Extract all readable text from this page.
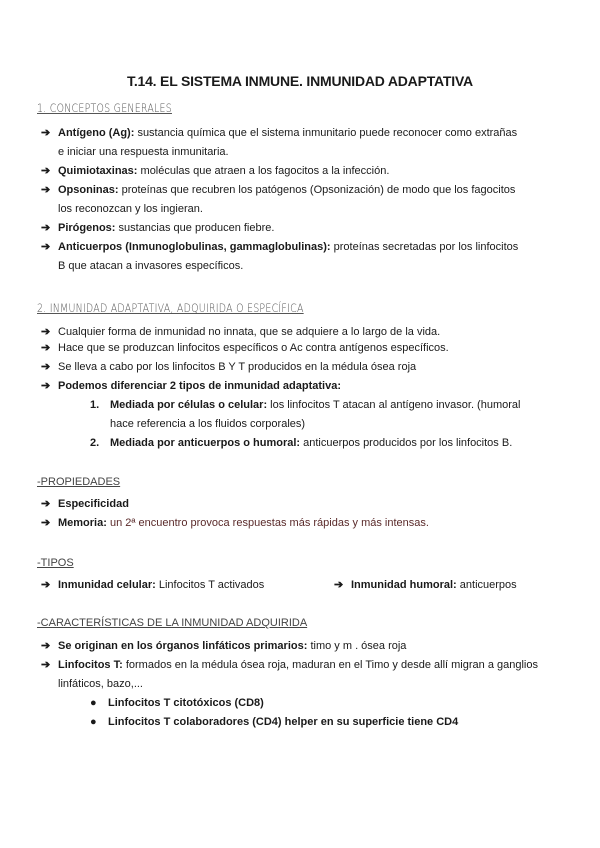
T.14. EL SISTEMA INMUNE. INMUNIDAD ADAPTATIVA
1. CONCEPTOS GENERALES
➔ Antígeno (Ag): sustancia química que el sistema inmunitario puede reconocer como extrañas
e iniciar una respuesta inmunitaria.
➔ Quimiotaxinas: moléculas que atraen a los fagocitos a la infección.
➔ Opsoninas: proteínas que recubren los patógenos (Opsonización) de modo que los fagocitos
los reconozcan y los ingieran.
➔ Pirógenos: sustancias que producen fiebre.
➔ Anticuerpos (Inmunoglobulinas, gammaglobulinas): proteínas secretadas por los linfocitos
B que atacan a invasores específicos.
2. INMUNIDAD ADAPTATIVA, ADQUIRIDA O ESPECÍFICA
➔ Cualquier forma de inmunidad no innata, que se adquiere a lo largo de la vida.
➔ Hace que se produzcan linfocitos específicos o Ac contra antígenos específicos.
➔ Se lleva a cabo por los linfocitos B Y T producidos en la médula ósea roja
➔ Podemos diferenciar 2 tipos de inmunidad adaptativa:
1. Mediada por células o celular: los linfocitos T atacan al antígeno invasor. (humoral
hace referencia a los fluidos corporales)
2. Mediada por anticuerpos o humoral: anticuerpos producidos por los linfocitos B.
-PROPIEDADES
➔ Especificidad
➔ Memoria: un 2ª encuentro provoca respuestas más rápidas y más intensas.
-TIPOS
➔ Inmunidad celular: Linfocitos T activados	➔ Inmunidad humoral: anticuerpos
-CARACTERÍSTICAS DE LA INMUNIDAD ADQUIRIDA
➔ Se originan en los órganos linfáticos primarios: timo y m . ósea roja
➔ Linfocitos T: formados en la médula ósea roja, maduran en el Timo y desde allí migran a ganglios
linfáticos, bazo,...
● Linfocitos T citotóxicos (CD8)
● Linfocitos T colaboradores (CD4) helper en su superficie tiene CD4
